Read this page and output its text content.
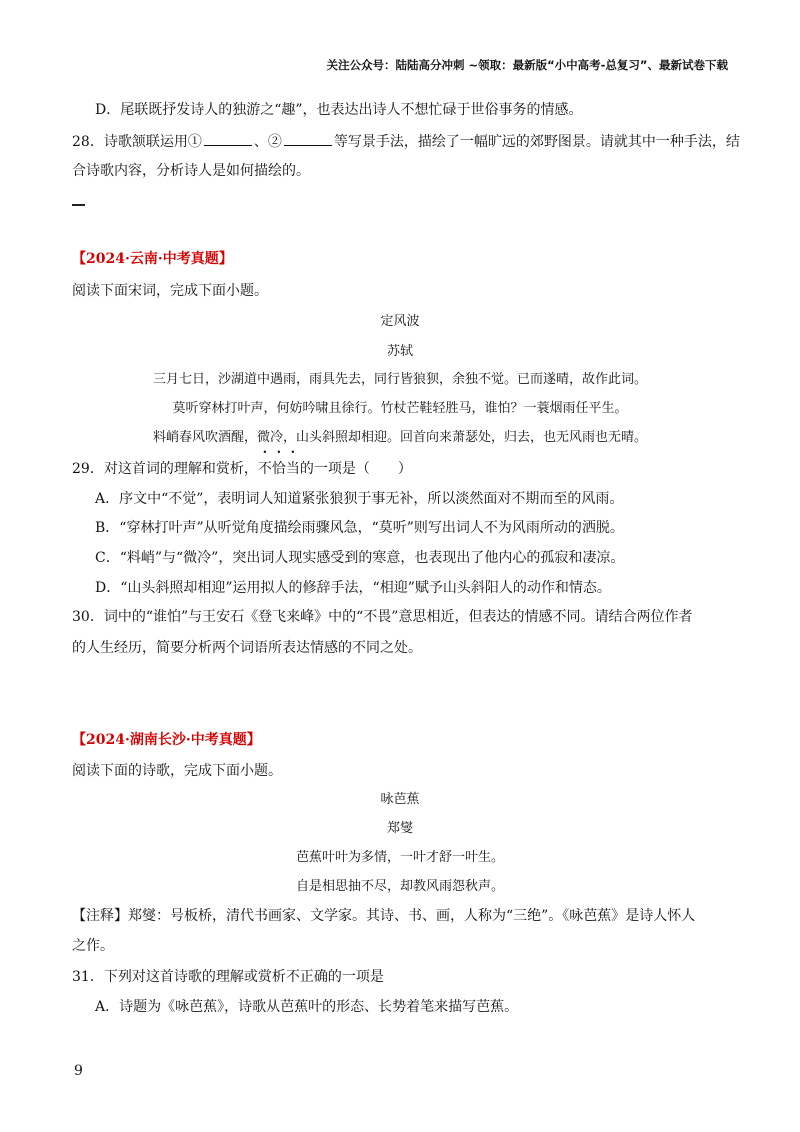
关注公众号：陆陆高分冲刺 ~领取：最新版“小中高考-总复习”、最新试卷下载
D．尾联既抒发诗人的独游之“趣”，也表达出诗人不想忙碌于世俗事务的情感。
28．诗歌颔联运用①	、②	等写景手法，描绘了一幅旷远的郊野图景。请就其中一种手法，结
合诗歌内容，分析诗人是如何描绘的。
【2024·云南·中考真题】
阅读下面宋词，完成下面小题。
定风波
苏轼
三月七日，沙湖道中遇雨，雨具先去，同行皆狼狈，余独不觉。已而遂晴，故作此词。
莫听穿林打叶声，何妨吟啸且徐行。竹杖芒鞋轻胜马，谁怕？一蓑烟雨任平生。
料峭春风吹酒醒，微冷，山头斜照却相迎。回首向来萧瑟处，归去，也无风雨也无晴。
29．对这首词的理解和赏析，不恰当的一项是（　　）
A．序文中“不觉”，表明词人知道紧张狼狈于事无补，所以淡然面对不期而至的风雨。
B．“穿林打叶声”从听觉角度描绘雨骤风急，“莫听”则写出词人不为风雨所动的洒脱。
C．“料峭”与“微冷”，突出词人现实感受到的寒意，也表现出了他内心的孤寂和凄凉。
D．“山头斜照却相迎”运用拟人的修辞手法，“相迎”赋予山头斜阳人的动作和情态。
30．词中的“谁怕”与王安石《登飞来峰》中的“不畏”意思相近，但表达的情感不同。请结合两位作者
的人生经历，简要分析两个词语所表达情感的不同之处。
【2024·湖南长沙·中考真题】
阅读下面的诗歌，完成下面小题。
咏芭蕉
郑燮
芭蕉叶叶为多情，一叶才舒一叶生。
自是相思抽不尽，却教风雨怨秋声。
【注释】郑燮：号板桥，清代书画家、文学家。其诗、书、画，人称为“三绝”。《咏芭蕉》是诗人怀人
之作。
31．下列对这首诗歌的理解或赏析不正确的一项是
A．诗题为《咏芭蕉》，诗歌从芭蕉叶的形态、长势着笔来描写芭蕉。
9
